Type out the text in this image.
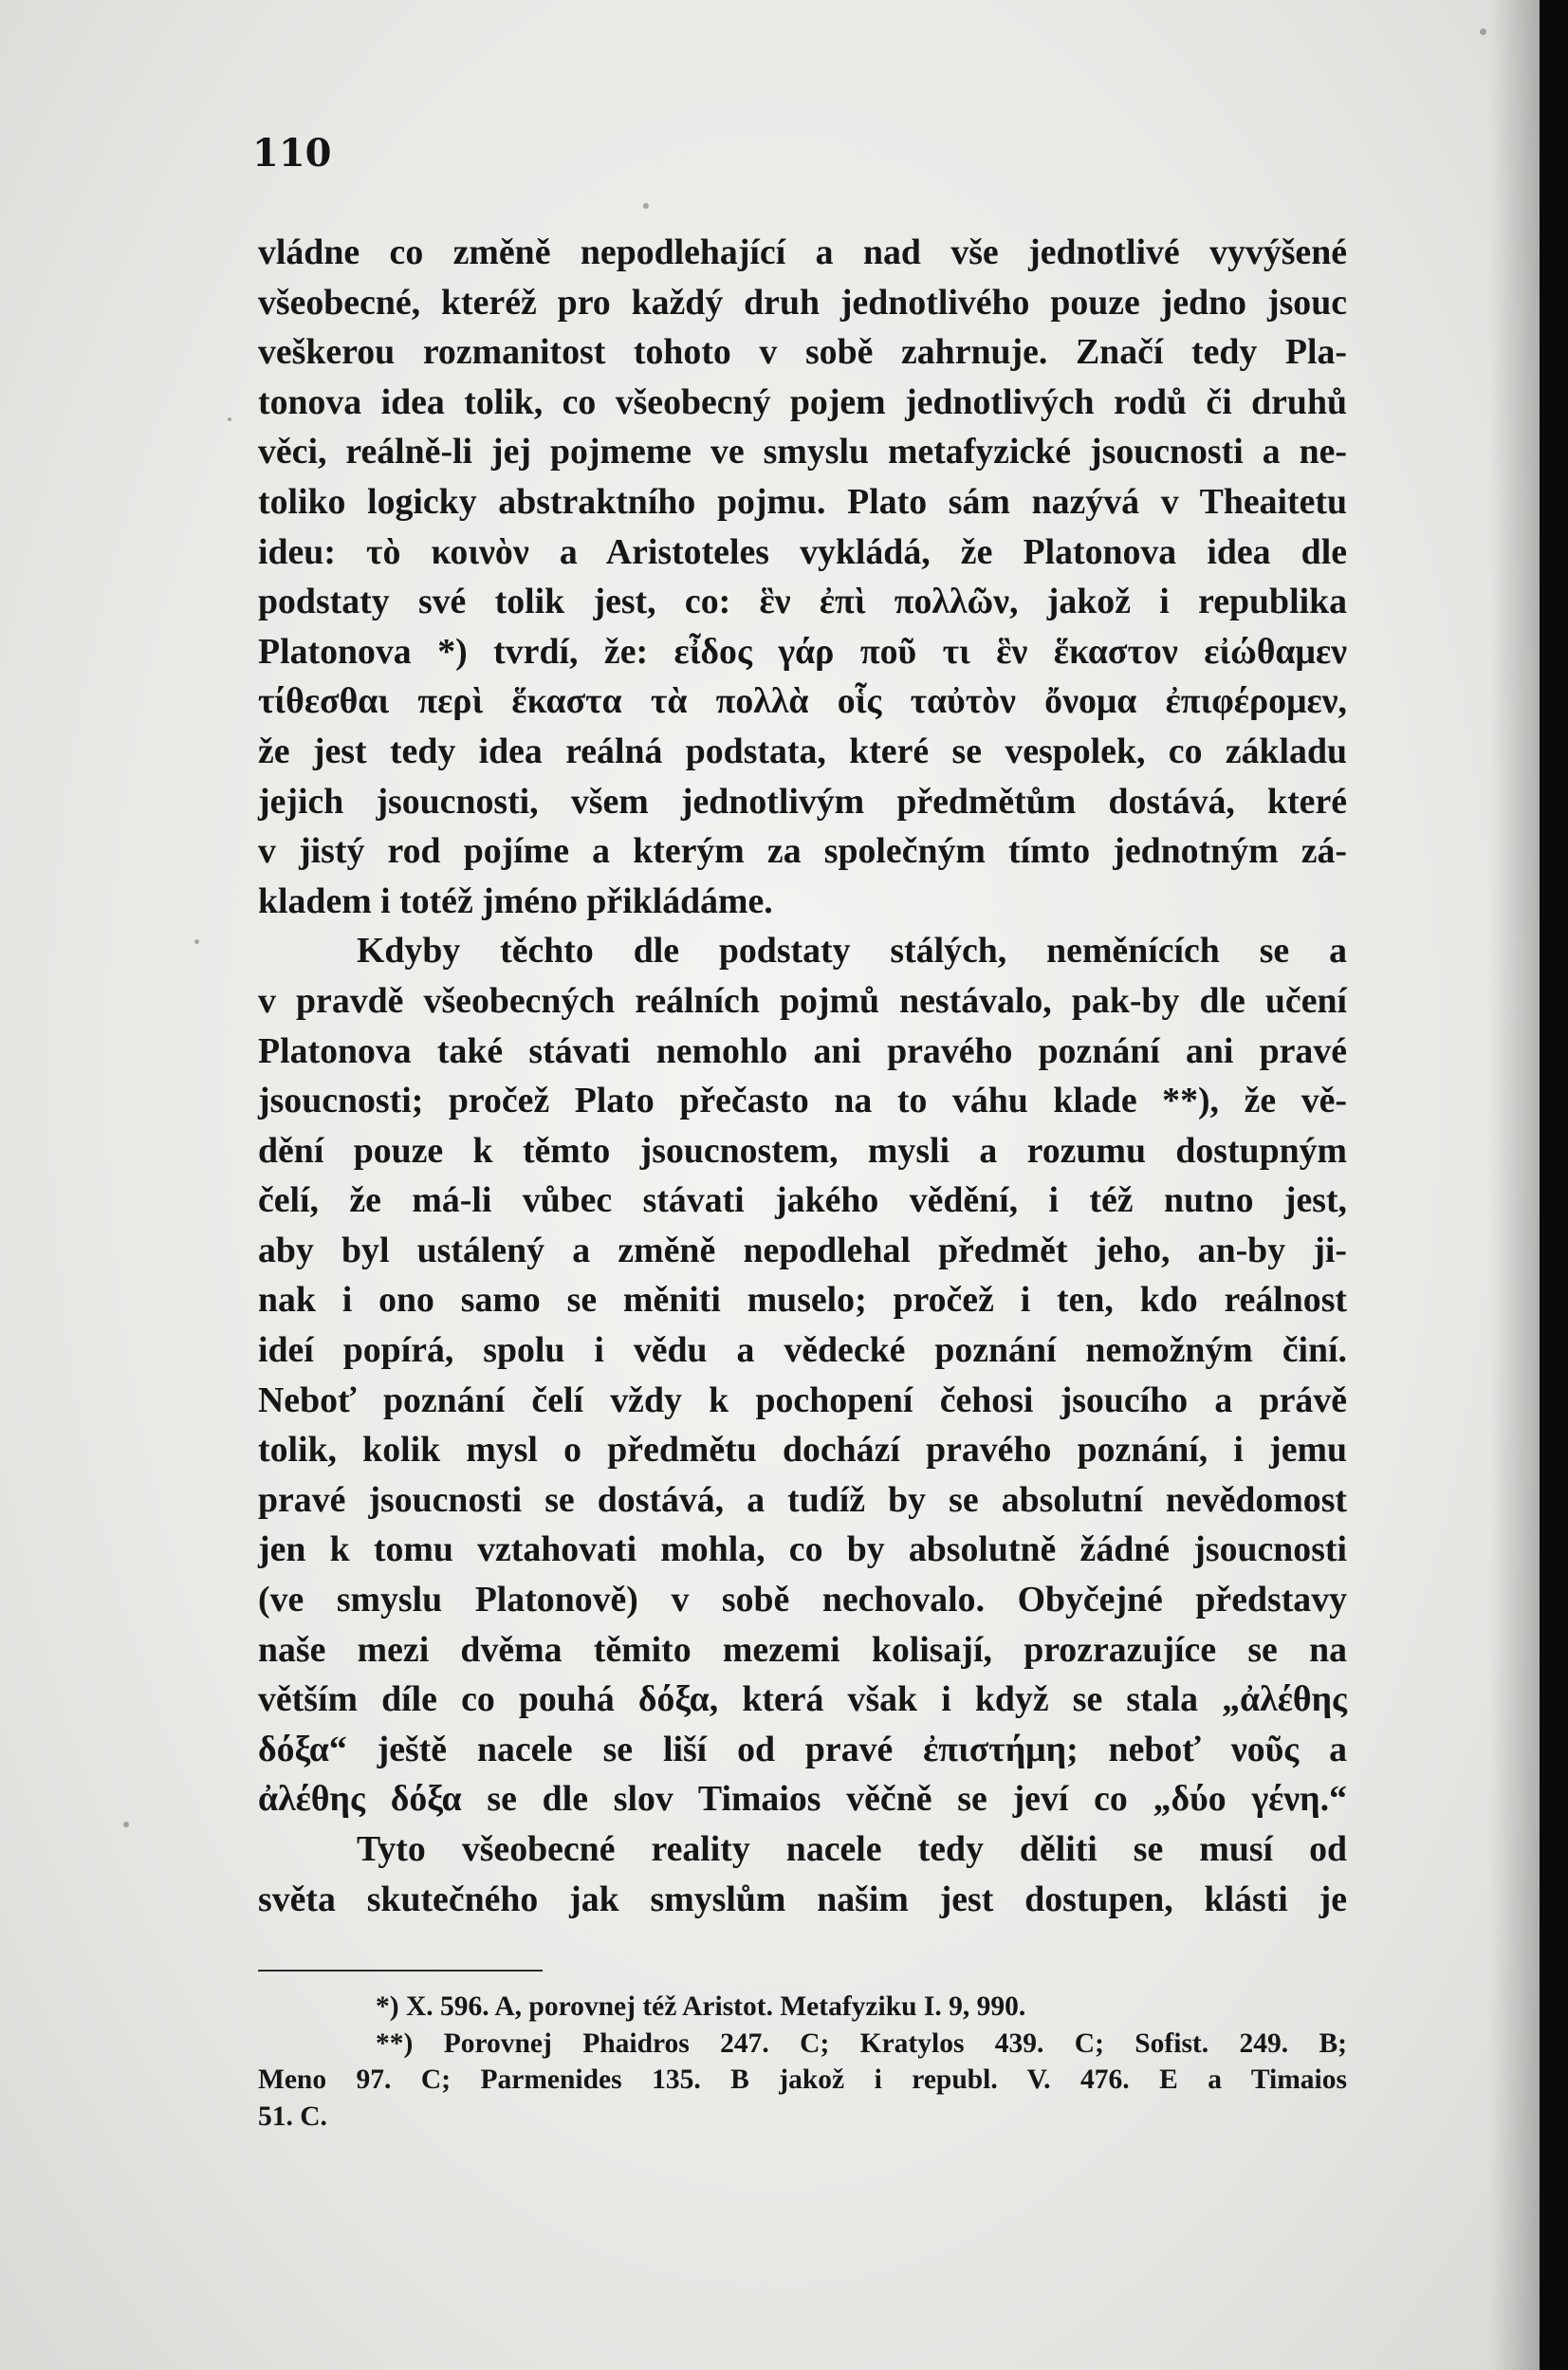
110
vládne co změně nepodlehající a nad vše jednotlivé vyvýšené
všeobecné, kteréž pro každý druh jednotlivého pouze jedno jsouc
veškerou rozmanitost tohoto v sobě zahrnuje. Značí tedy Pla-
tonova idea tolik, co všeobecný pojem jednotlivých rodů či druhů
věci, reálně-li jej pojmeme ve smyslu metafyzické jsoucnosti a ne-
toliko logicky abstraktního pojmu. Plato sám nazývá v Theaitetu
ideu: τὸ κοινὸν a Aristoteles vykládá, že Platonova idea dle
podstaty své tolik jest, co: ἓν ἐπὶ πολλῶν, jakož i republika
Platonova *) tvrdí, že: εἶδος γάρ ποῦ τι ἓν ἕκαστον εἰώθαμεν
τίθεσθαι περὶ ἕκαστα τὰ πολλὰ οἷς ταὐτὸν ὄνομα ἐπιφέρομεν,
že jest tedy idea reálná podstata, které se vespolek, co základu
jejich jsoucnosti, všem jednotlivým předmětům dostává, které
v jistý rod pojíme a kterým za společným tímto jednotným zá-
kladem i totéž jméno přikládáme.
Kdyby těchto dle podstaty stálých, neměnících se a
v pravdě všeobecných reálních pojmů nestávalo, pak-by dle učení
Platonova také stávati nemohlo ani pravého poznání ani pravé
jsoucnosti; pročež Plato přečasto na to váhu klade **), že vě-
dění pouze k těmto jsoucnostem, mysli a rozumu dostupným
čelí, že má-li vůbec stávati jakého vědění, i též nutno jest,
aby byl ustálený a změně nepodlehal předmět jeho, an-by ji-
nak i ono samo se měniti muselo; pročež i ten, kdo reálnost
ideí popírá, spolu i vědu a vědecké poznání nemožným činí.
Neboť poznání čelí vždy k pochopení čehosi jsoucího a právě
tolik, kolik mysl o předmětu dochází pravého poznání, i jemu
pravé jsoucnosti se dostává, a tudíž by se absolutní nevědomost
jen k tomu vztahovati mohla, co by absolutně žádné jsoucnosti
(ve smyslu Platonově) v sobě nechovalo. Obyčejné představy
naše mezi dvěma těmito mezemi kolisají, prozrazujíce se na
větším díle co pouhá δόξα, která však i když se stala „ἀλέθης
δόξα“ ještě nacele se liší od pravé ἐπιστήμη; neboť νοῦς a
ἀλέθης δόξα se dle slov Timaios věčně se jeví co „δύο γένη.“
Tyto všeobecné reality nacele tedy děliti se musí od
světa skutečného jak smyslům našim jest dostupen, klásti je
*) X. 596. A, porovnej též Aristot. Metafyziku I. 9, 990.
**) Porovnej Phaidros 247. C; Kratylos 439. C; Sofist. 249. B;
Meno 97. C; Parmenides 135. B jakož i republ. V. 476. E a Timaios
51. C.
